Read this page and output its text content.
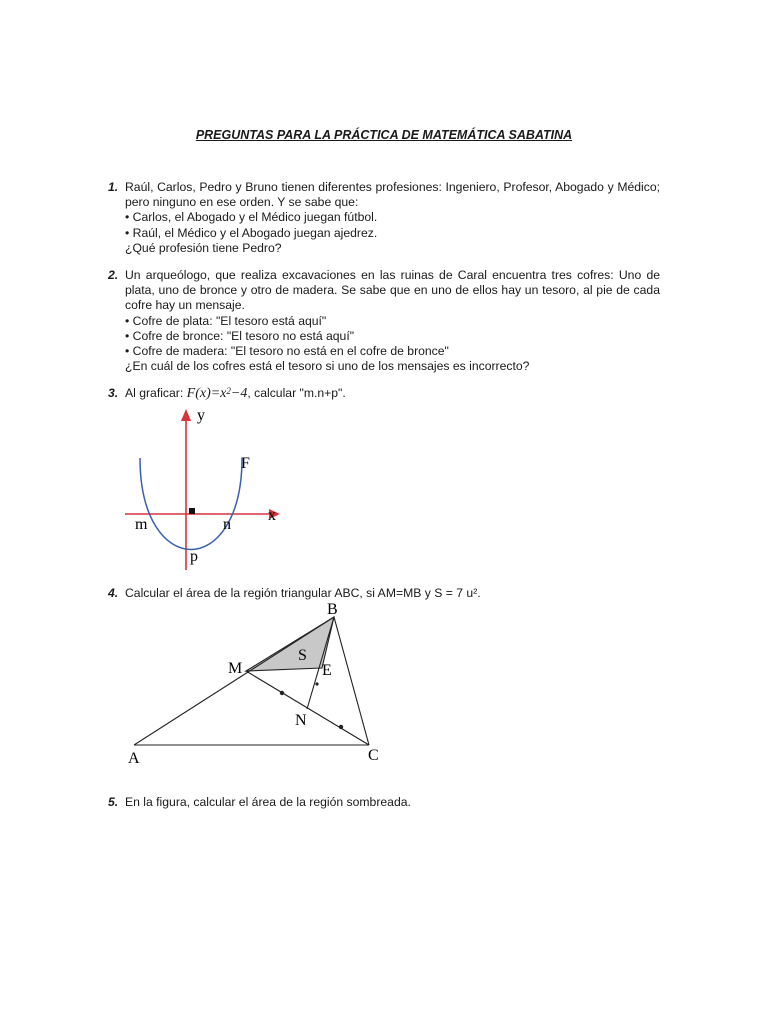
PREGUNTAS PARA LA PRÁCTICA DE MATEMÁTICA SABATINA
1. Raúl, Carlos, Pedro y Bruno tienen diferentes profesiones: Ingeniero, Profesor, Abogado y Médico; pero ninguno en ese orden. Y se sabe que:
• Carlos, el Abogado y el Médico juegan fútbol.
• Raúl, el Médico y el Abogado juegan ajedrez.
¿Qué profesión tiene Pedro?
2. Un arqueólogo, que realiza excavaciones en las ruinas de Caral encuentra tres cofres: Uno de plata, uno de bronce y otro de madera. Se sabe que en uno de ellos hay un tesoro, al pie de cada cofre hay un mensaje.
• Cofre de plata: "El tesoro está aquí"
• Cofre de bronce: "El tesoro no está aquí"
• Cofre de madera: "El tesoro no está en el cofre de bronce"
¿En cuál de los cofres está el tesoro si uno de los mensajes es incorrecto?
3. Al graficar: $F(x)=x^2-4$, calcular "m.n+p".
y
x
F
m	n
p
4. Calcular el área de la región triangular ABC, si AM=MB y S = 7 u².
B
M	E
S
N
A	C
5. En la figura, calcular el área de la región sombreada.
